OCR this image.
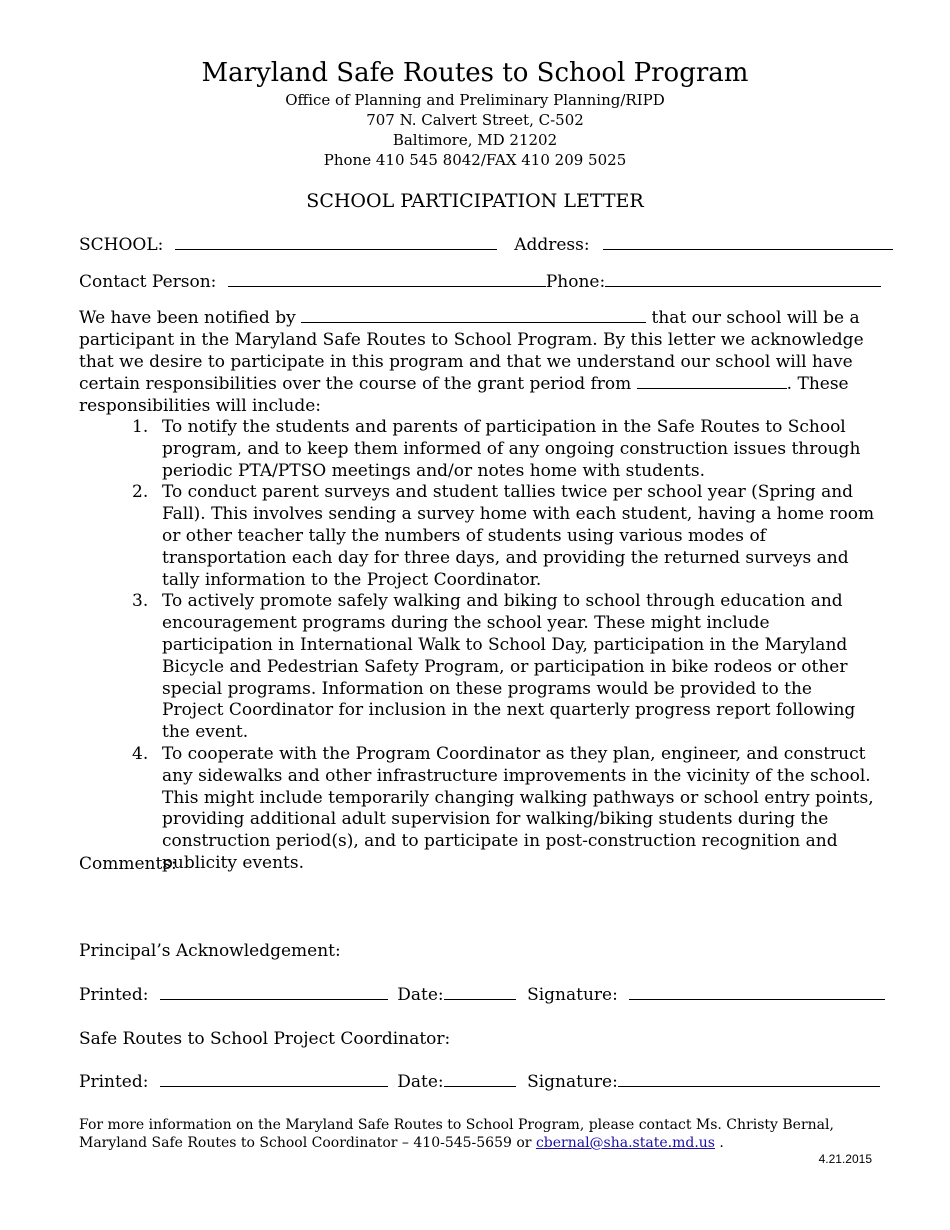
Maryland Safe Routes to School Program
Office of Planning and Preliminary Planning/RIPD
707 N. Calvert Street, C-502
Baltimore, MD 21202
Phone 410 545 8042/FAX 410 209 5025
SCHOOL PARTICIPATION LETTER
SCHOOL:	Address:
Contact Person:	Phone:
We have been notified by	that our school will be a participant in the Maryland Safe Routes to School Program. By this letter we acknowledge that we desire to participate in this program and that we understand our school will have certain responsibilities over the course of the grant period from	. These responsibilities will include:
1. To notify the students and parents of participation in the Safe Routes to School program, and to keep them informed of any ongoing construction issues through periodic PTA/PTSO meetings and/or notes home with students.
2. To conduct parent surveys and student tallies twice per school year (Spring and Fall). This involves sending a survey home with each student, having a home room or other teacher tally the numbers of students using various modes of transportation each day for three days, and providing the returned surveys and tally information to the Project Coordinator.
3. To actively promote safely walking and biking to school through education and encouragement programs during the school year. These might include participation in International Walk to School Day, participation in the Maryland Bicycle and Pedestrian Safety Program, or participation in bike rodeos or other special programs. Information on these programs would be provided to the Project Coordinator for inclusion in the next quarterly progress report following the event.
4. To cooperate with the Program Coordinator as they plan, engineer, and construct any sidewalks and other infrastructure improvements in the vicinity of the school. This might include temporarily changing walking pathways or school entry points, providing additional adult supervision for walking/biking students during the construction period(s), and to participate in post-construction recognition and publicity events.
Comments:
Principal’s Acknowledgement:
Printed:	Date:	Signature:
Safe Routes to School Project Coordinator:
Printed:	Date:	Signature:
For more information on the Maryland Safe Routes to School Program, please contact Ms. Christy Bernal, Maryland Safe Routes to School Coordinator – 410-545-5659 or cbernal@sha.state.md.us .
4.21.2015
